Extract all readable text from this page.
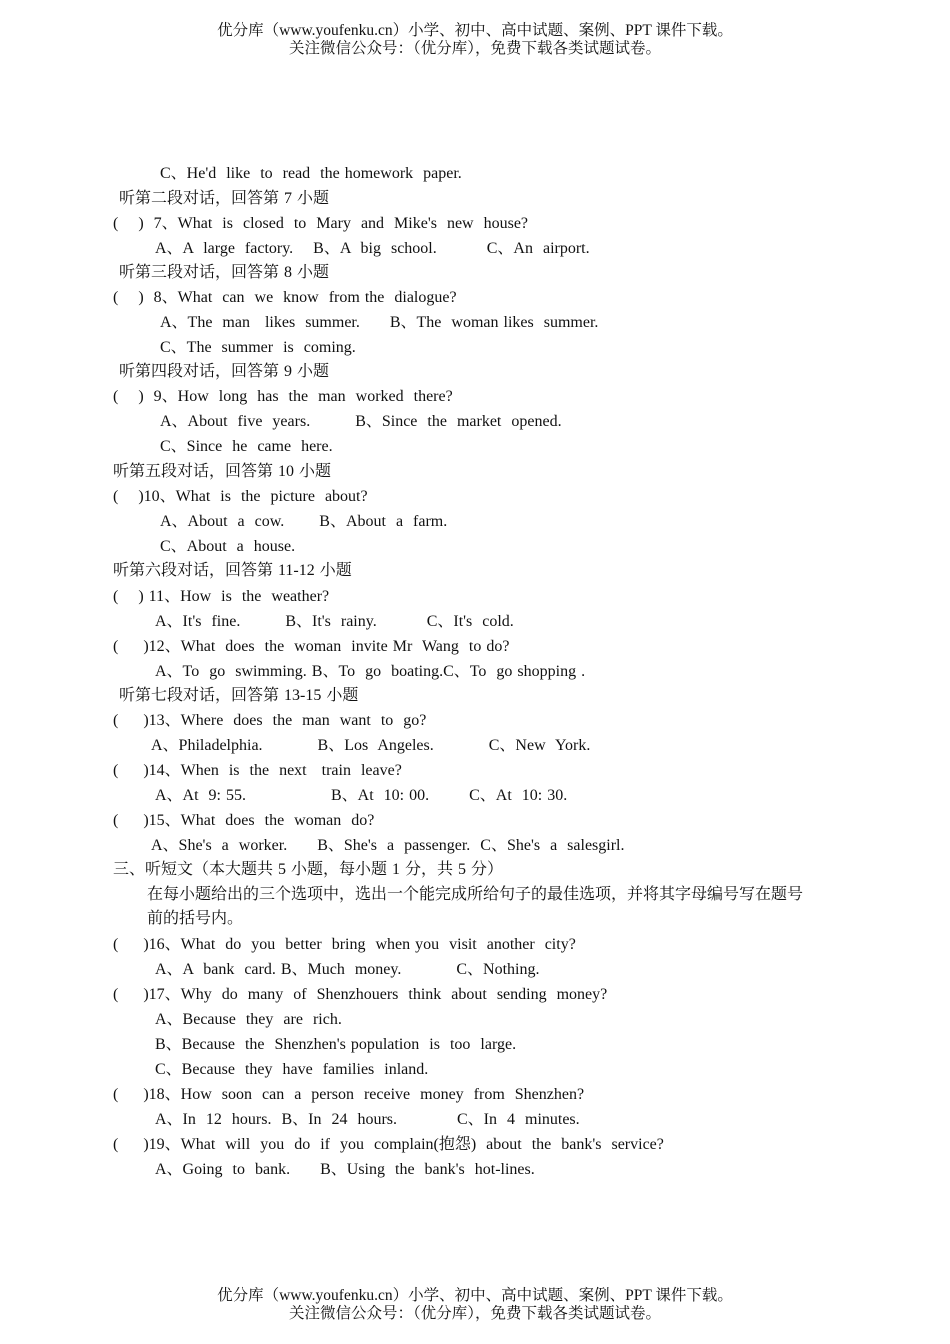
优分库（www.youfenku.cn）小学、初中、高中试题、案例、PPT 课件下载。
关注微信公众号：（优分库），免费下载各类试题试卷。
C、He'd  like  to  read  the homework  paper.
听第二段对话，回答第 7 小题
(    )  7、What  is  closed  to  Mary  and  Mike's  new  house?
A、A  large  factory.    B、A  big  school.          C、An  airport.
听第三段对话，回答第 8 小题
(    )  8、What  can  we  know  from the  dialogue?
A、The  man   likes  summer.      B、The  woman likes  summer.
C、The  summer  is  coming.
听第四段对话，回答第 9 小题
(    )  9、How  long  has  the  man  worked  there?
A、About  five  years.         B、Since  the  market  opened.
C、Since  he  came  here.
听第五段对话，回答第 10 小题
(    )10、What  is  the  picture  about?
A、About  a  cow.       B、About  a  farm.
C、About  a  house.
听第六段对话，回答第 11-12 小题
(    ) 11、How  is  the  weather?
A、It's  fine.         B、It's  rainy.          C、It's  cold.
(     )12、What  does  the  woman  invite Mr  Wang  to do?
A、To  go  swimming. B、To  go  boating.C、To  go shopping .
听第七段对话，回答第 13-15 小题
(     )13、Where  does  the  man  want  to  go?
A、Philadelphia.           B、Los  Angeles.           C、New  York.
(     )14、When  is  the  next   train  leave?
A、At  9: 55.                 B、At  10: 00.        C、At  10: 30.
(     )15、What  does  the  woman  do?
A、She's  a  worker.      B、She's  a  passenger.  C、She's  a  salesgirl.
三、听短文（本大题共 5 小题，每小题 1 分，共 5 分）
在每小题给出的三个选项中，选出一个能完成所给句子的最佳选项，并将其字母编号写在题号
前的括号内。
(     )16、What  do  you  better  bring  when you  visit  another  city?
A、A  bank  card. B、Much  money.           C、Nothing.
(     )17、Why  do  many  of  Shenzhouers  think  about  sending  money?
A、Because  they  are  rich.
B、Because  the  Shenzhen's population  is  too  large.
C、Because  they  have  families  inland.
(     )18、How  soon  can  a  person  receive  money  from  Shenzhen?
A、In  12  hours.  B、In  24  hours.            C、In  4  minutes.
(     )19、What  will  you  do  if  you  complain(抱怨)  about  the  bank's  service?
A、Going  to  bank.      B、Using  the  bank's  hot-lines.
优分库（www.youfenku.cn）小学、初中、高中试题、案例、PPT 课件下载。
关注微信公众号：（优分库），免费下载各类试题试卷。
